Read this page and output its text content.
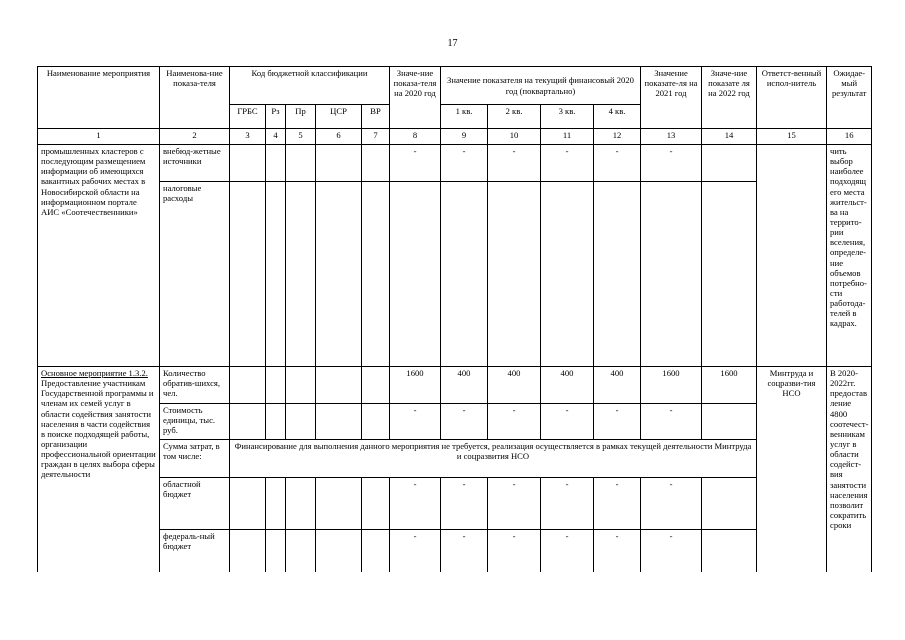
17
Наименование мероприятия	Наименова-ние показа-теля	Код бюджетной классификации					Значе-ние показа-теля на 2020 год	Значение показателя на текущий финансовый 2020 год (поквартально)				Значение показате-ля на 2021 год	Значе-ние показате ля на 2022 год	Ответст-венный испол-нитель	Ожидае-мый результат
		ГРБС	Рз	Пр	ЦСР	ВР		1 кв.	2 кв.	3 кв.	4 кв.				
1	2	3	4	5	6	7	8	9	10	11	12	13	14	15	16
промышленных кластеров с последующим размещением информации об имеющихся вакантных рабочих местах в Новосибирской области на информационном портале АИС «Соотечественники»	внебюд-жетные источники						-	-	-	-	-	-			чить выбор наиболее подходящ его места жительст-ва на террито-рии вселения, определе-ние объемов потребно-сти работода-телей в кадрах.
	налоговые расходы														
Основное мероприятие 1.3.2.
Предоставление участникам Государственной программы и членам их семей услуг в области содействия занятости населения в части содействия в поиске подходящей работы, организации профессиональной ориентации граждан в целях выбора сферы деятельности	Количество обратив-шихся, чел.						1600	400	400	400	400	1600	1600	Минтруда и соцразви-тия НСО	В 2020-2022гг. предостав ление 4800 соотечест-венникам услуг в области содейст-вия занятости населения позволит сократить сроки
	Стоимость единицы, тыс. руб.						-	-	-	-	-	-			
	Сумма затрат, в том числе:	Финансирование для выполнения данного мероприятия не требуется, реализация осуществляется в рамках текущей деятельности Минтруда и соцразвития НСО													
	областной бюджет						-	-	-	-	-	-			
	федераль-ный бюджет						-	-	-	-	-	-			
